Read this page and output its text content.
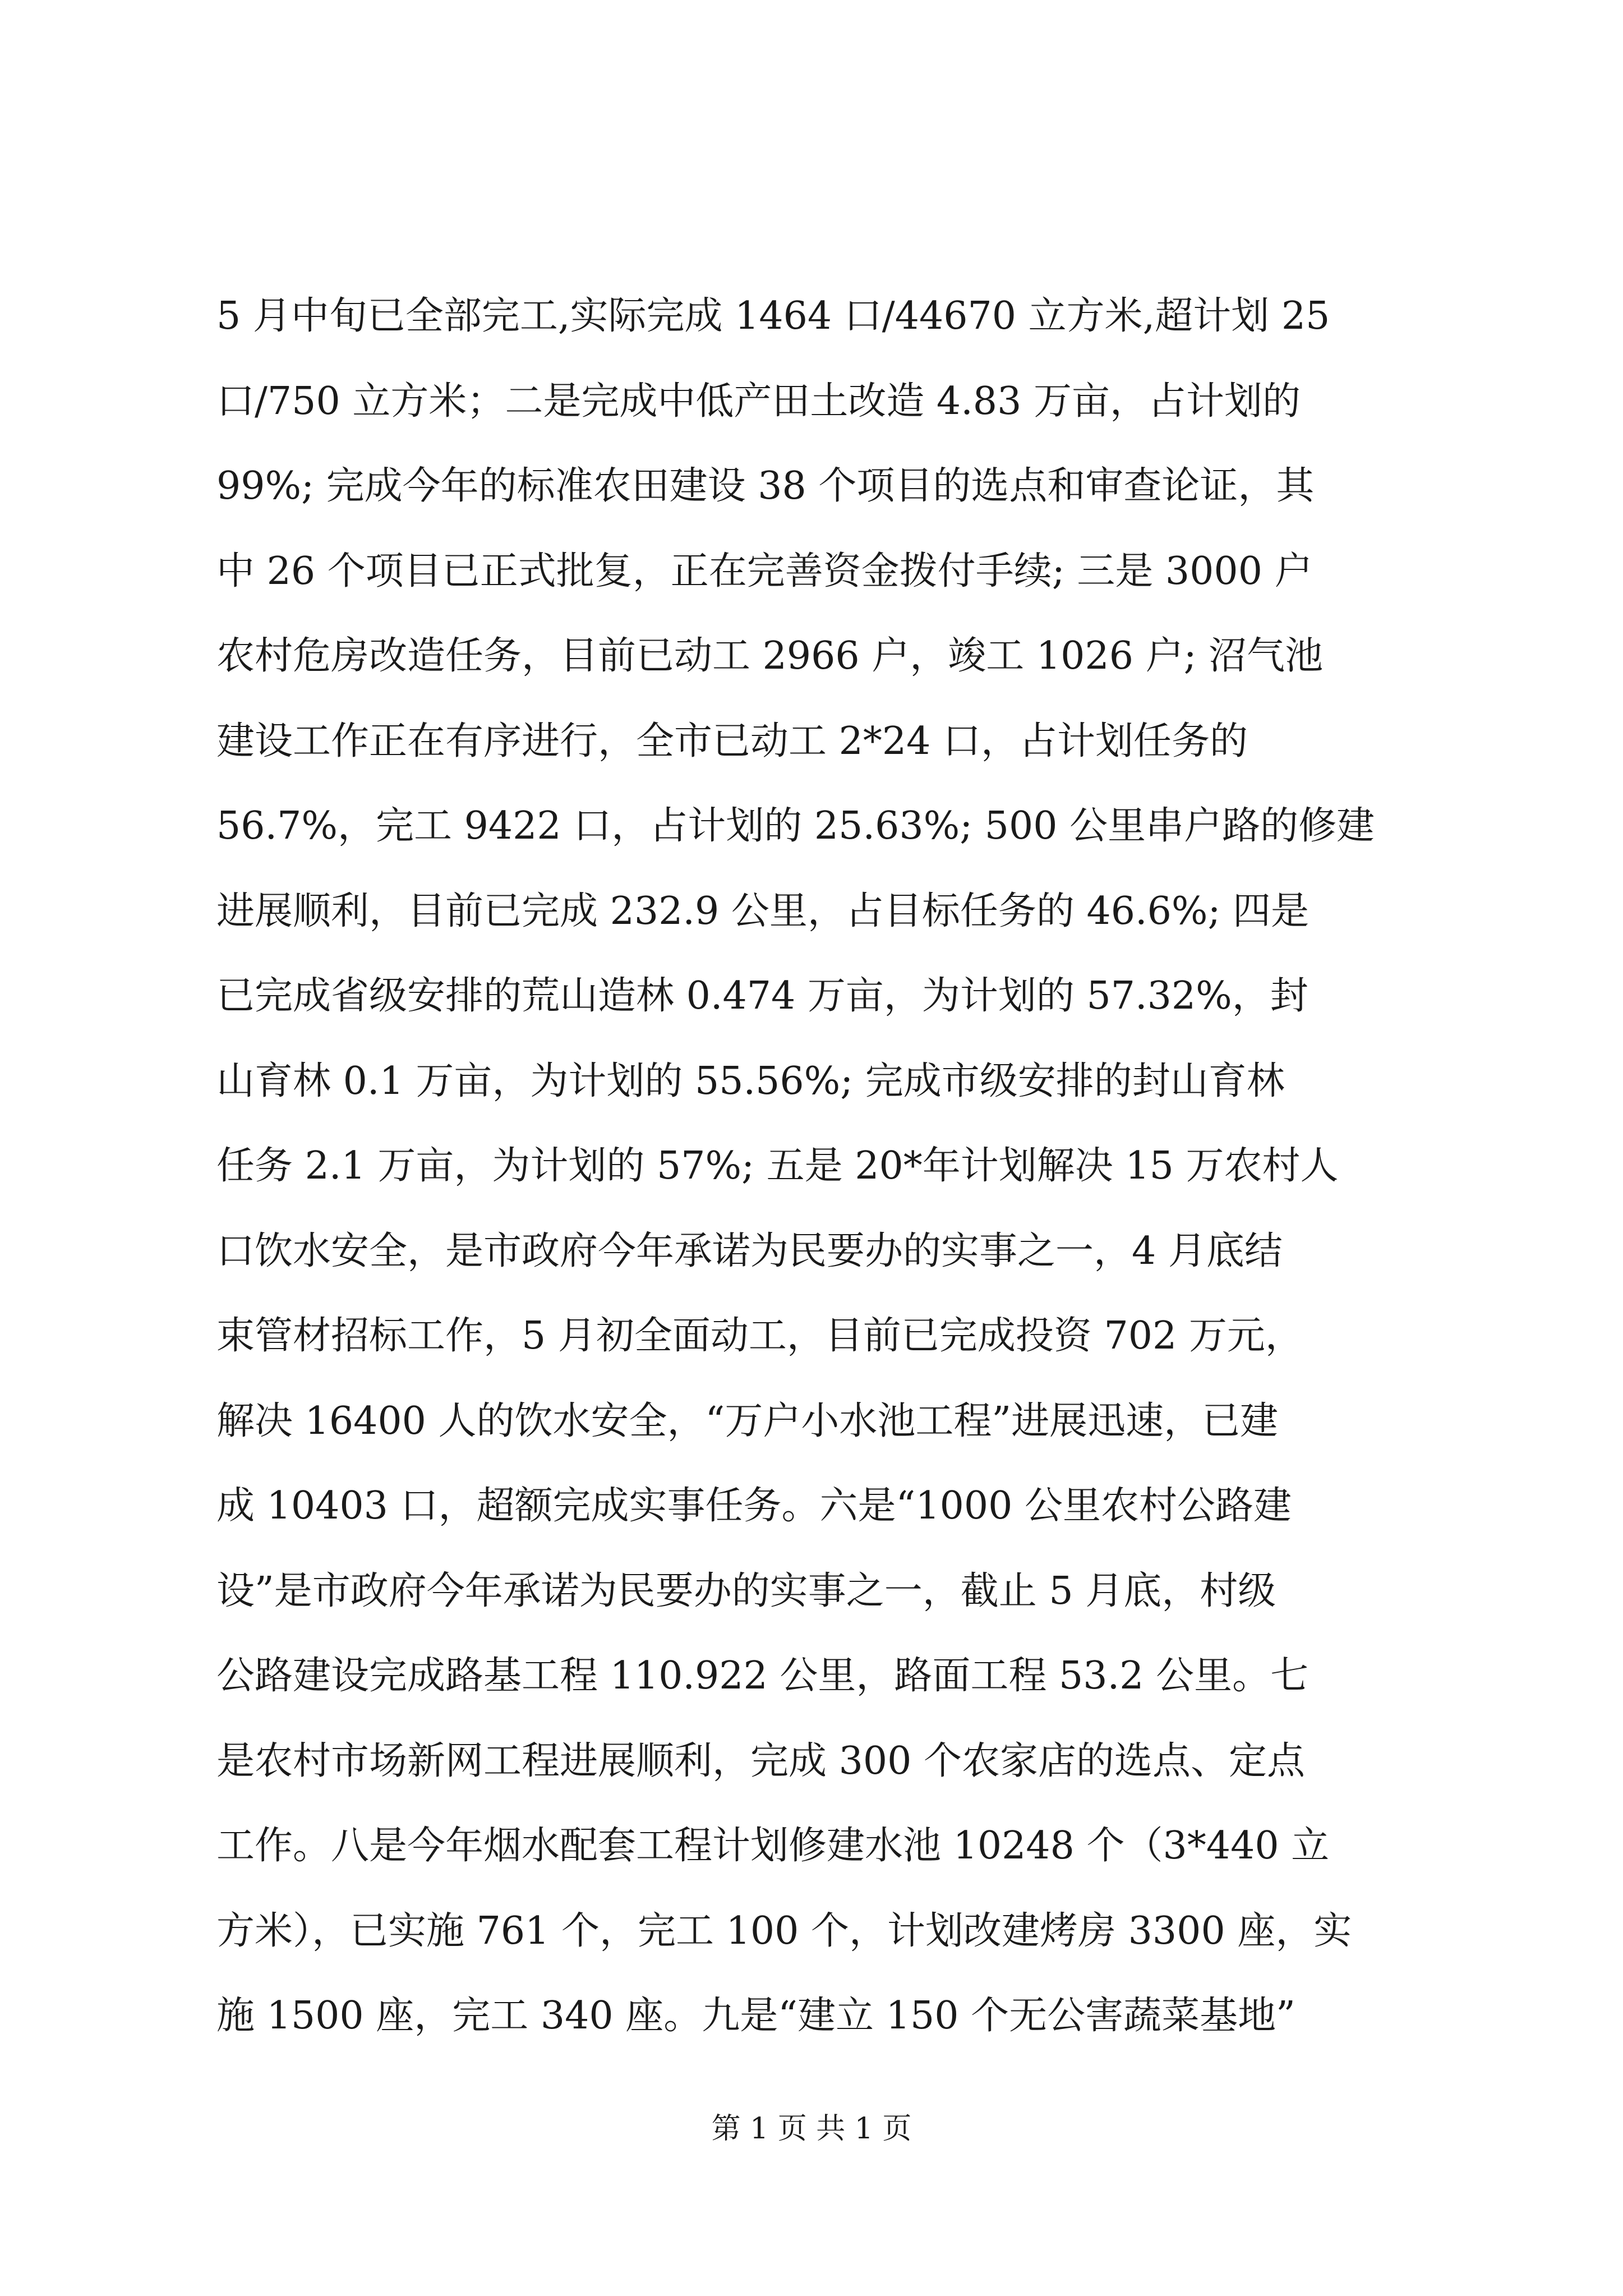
5 月中旬已全部完工,实际完成 1464 口/44670 立方米,超计划 25
口/750 立方米；二是完成中低产田土改造 4.83 万亩，占计划的
99%; 完成今年的标准农田建设 38 个项目的选点和审查论证，其
中 26 个项目已正式批复，正在完善资金拨付手续; 三是 3000 户
农村危房改造任务，目前已动工 2966 户，竣工 1026 户; 沼气池
建设工作正在有序进行，全市已动工 2*24 口，占计划任务的
56.7%，完工 9422 口，占计划的 25.63%; 500 公里串户路的修建
进展顺利，目前已完成 232.9 公里，占目标任务的 46.6%; 四是
已完成省级安排的荒山造林 0.474 万亩，为计划的 57.32%，封
山育林 0.1 万亩，为计划的 55.56%; 完成市级安排的封山育林
任务 2.1 万亩，为计划的 57%; 五是 20*年计划解决 15 万农村人
口饮水安全，是市政府今年承诺为民要办的实事之一，4 月底结
束管材招标工作，5 月初全面动工，目前已完成投资 702 万元，
解决 16400 人的饮水安全，“万户小水池工程”进展迅速，已建
成 10403 口，超额完成实事任务。六是“1000 公里农村公路建
设”是市政府今年承诺为民要办的实事之一，截止 5 月底，村级
公路建设完成路基工程 110.922 公里，路面工程 53.2 公里。七
是农村市场新网工程进展顺利，完成 300 个农家店的选点、定点
工作。八是今年烟水配套工程计划修建水池 10248 个（3*440 立
方米），已实施 761 个，完工 100 个，计划改建烤房 3300 座，实
施 1500 座，完工 340 座。九是“建立 150 个无公害蔬菜基地”
第 1 页 共 1 页
